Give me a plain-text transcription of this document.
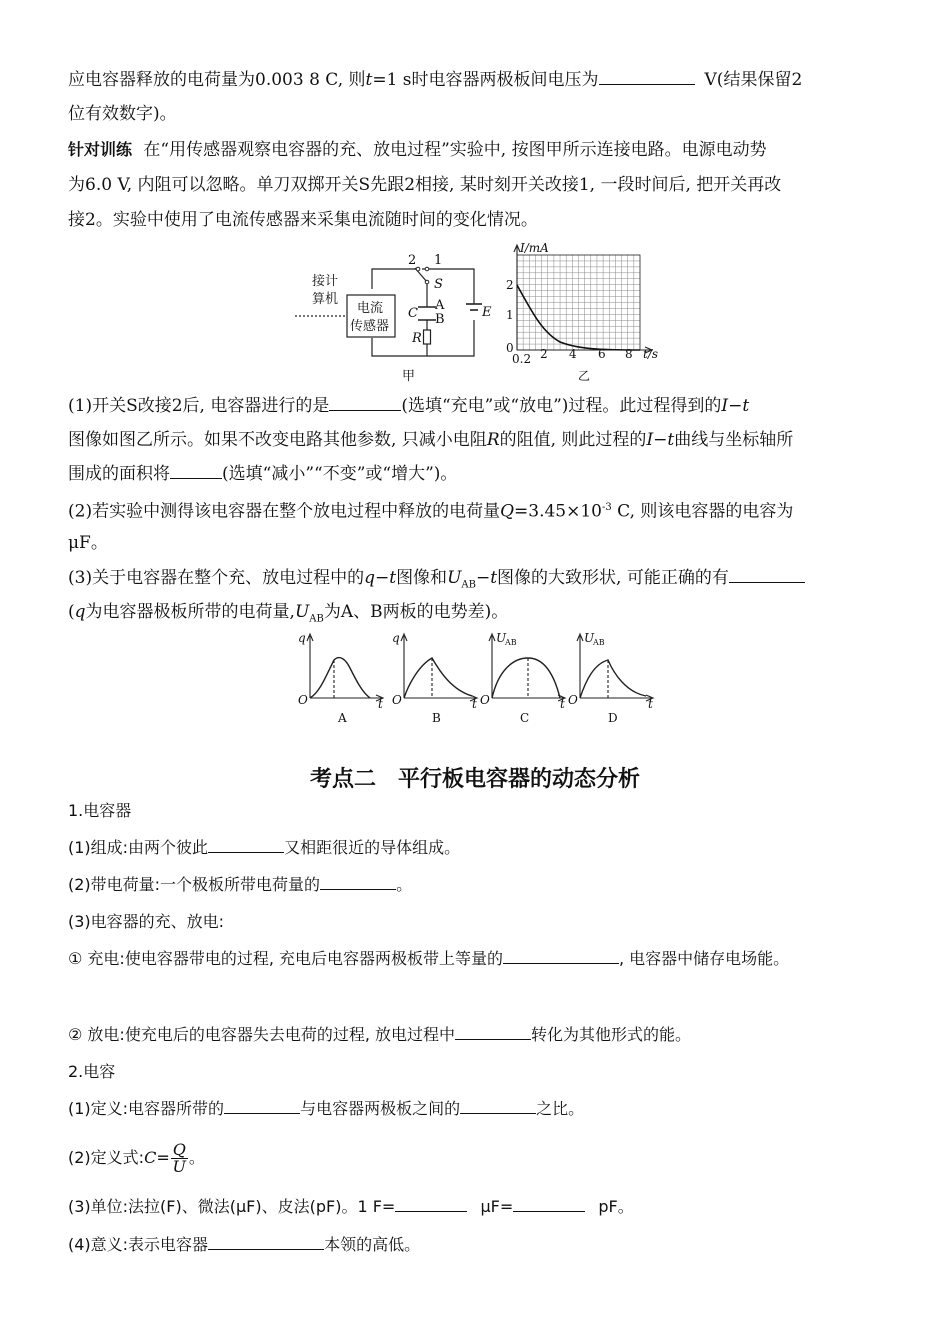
应电容器释放的电荷量为0.003 8 C, 则t=1 s时电容器两极板间电压为	V(结果保留2
位有效数字)。
针对训练 在“用传感器观察电容器的充、放电过程”实验中, 按图甲所示连接电路。电源电动势
为6.0 V, 内阻可以忽略。单刀双掷开关S先跟2相接, 某时刻开关改接1, 一段时间后, 把开关再改
接2。实验中使用了电流传感器来采集电流随时间的变化情况。
接计
算机
电流
传感器
2 1
S
A
B
C
R
E
甲
I/mA
2
1
0
0.2 2 4 6 8 t/s
乙
(1)开关S改接2后, 电容器进行的是	(选填“充电”或“放电”)过程。此过程得到的I−t
图像如图乙所示。如果不改变电路其他参数, 只减小电阻R的阻值, 则此过程的I−t曲线与坐标轴所
围成的面积将	(选填“减小”“不变”或“增大”)。
(2)若实验中测得该电容器在整个放电过程中释放的电荷量$Q=3.45\times 10^{-3}$ C, 则该电容器的电容为
μF。
(3)关于电容器在整个充、放电过程中的q−t图像和$U_{AB}-t$图像的大致形状, 可能正确的有
(q为电容器极板所带的电荷量$,U_{AB}$为A、B两板的电势差)。
q
O	t
A
q
O	t
B
U
AB
O	t
C
U
AB
O	t
D
考点二　平行板电容器的动态分析
1.电容器
(1)组成:由两个彼此	又相距很近的导体组成。
(2)带电荷量:一个极板所带电荷量的	。
(3)电容器的充、放电:
① 充电:使电容器带电的过程, 充电后电容器两极板带上等量的	, 电容器中储存电场能。
② 放电:使充电后的电容器失去电荷的过程, 放电过程中	转化为其他形式的能。
2.电容
(1)定义:电容器所带的	与电容器两极板之间的	之比。
(2)定义式:C= $\frac{Q}{U}$ 。
(3)单位:法拉(F)、微法(μF)、皮法(pF)。1 F=	μF=	pF。
(4)意义:表示电容器	本领的高低。
